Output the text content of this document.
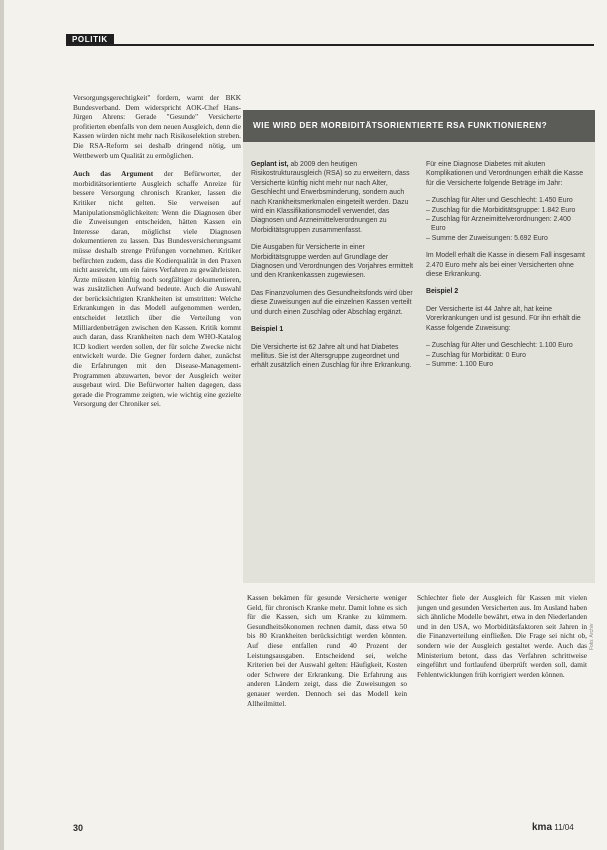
POLITIK

Versorgungsgerechtigkeit" fordern, warnt der BKK Bundesverband. Dem widerspricht AOK-Chef Hans-Jürgen Ahrens: Gerade "Gesunde" Versicherte profitierten ebenfalls von dem neuen Ausgleich, denn die Kassen würden nicht mehr nach Risikoselektion streben. Die RSA-Reform sei deshalb dringend nötig, um Wettbewerb um Qualität zu ermöglichen.

Auch das Argument der Befürworter, der morbiditätsorientierte Ausgleich schaffe Anreize für bessere Versorgung chronisch Kranker, lassen die Kritiker nicht gelten. Sie verweisen auf Manipulationsmöglichkeiten: Wenn die Diagnosen über die Zuweisungen entscheiden, hätten Kassen ein Interesse daran, möglichst viele Diagnosen dokumentieren zu lassen. Das Bundesversicherungsamt müsse deshalb strenge Prüfungen vornehmen. Kritiker befürchten zudem, dass die Kodierqualität in den Praxen nicht ausreicht, um ein faires Verfahren zu gewährleisten. Ärzte müssten künftig noch sorgfältiger dokumentieren, was zusätzlichen Aufwand bedeute. Auch die Auswahl der berücksichtigten Krankheiten ist umstritten: Welche Erkrankungen in das Modell aufgenommen werden, entscheidet letztlich über die Verteilung von Milliardenbeträgen zwischen den Kassen. Kritik kommt auch daran, dass Krankheiten nach dem WHO-Katalog ICD kodiert werden sollen, der für solche Zwecke nicht entwickelt wurde. Die Gegner fordern daher, zunächst die Erfahrungen mit den Disease-Management-Programmen abzuwarten, bevor der Ausgleich weiter ausgebaut wird. Die Befürworter halten dagegen, dass gerade die Programme zeigten, wie wichtig eine gezielte Versorgung der Chroniker sei.

WIE WIRD DER MORBIDITÄTSORIENTIERTE RSA FUNKTIONIEREN?

Geplant ist, ab 2009 den heutigen Risikostrukturausgleich (RSA) so zu erweitern, dass Versicherte künftig nicht mehr nur nach Alter, Geschlecht und Erwerbsminderung, sondern auch nach Krankheitsmerkmalen eingeteilt werden. Dazu wird ein Klassifikationsmodell verwendet, das Diagnosen und Arzneimittelverordnungen zu Morbiditätsgruppen zusammenfasst.

Die Ausgaben für Versicherte in einer Morbiditätsgruppe werden auf Grundlage der Diagnosen und Verordnungen des Vorjahres ermittelt und den Krankenkassen zugewiesen.

Das Finanzvolumen des Gesundheitsfonds wird über diese Zuweisungen auf die einzelnen Kassen verteilt und durch einen Zuschlag oder Abschlag ergänzt.

Beispiel 1

Die Versicherte ist 62 Jahre alt und hat Diabetes mellitus. Sie ist der Altersgruppe zugeordnet und erhält zusätzlich einen Zuschlag für ihre Erkrankung.

Für eine Diagnose Diabetes mit akuten Komplikationen und Verordnungen erhält die Kasse für die Versicherte folgende Beträge im Jahr:

– Zuschlag für Alter und Geschlecht: 1.450 Euro
– Zuschlag für die Morbiditätsgruppe: 1.842 Euro
– Zuschlag für Arzneimittelverordnungen: 2.400 Euro
– Summe der Zuweisungen: 5.692 Euro

Im Modell erhält die Kasse in diesem Fall insgesamt 2.470 Euro mehr als bei einer Versicherten ohne diese Erkrankung.

Beispiel 2

Der Versicherte ist 44 Jahre alt, hat keine Vorerkrankungen und ist gesund. Für ihn erhält die Kasse folgende Zuweisung:

– Zuschlag für Alter und Geschlecht: 1.100 Euro
– Zuschlag für Morbidität: 0 Euro
– Summe: 1.100 Euro

Kassen bekämen für gesunde Versicherte weniger Geld, für chronisch Kranke mehr. Damit lohne es sich für die Kassen, sich um Kranke zu kümmern. Gesundheitsökonomen rechnen damit, dass etwa 50 bis 80 Krankheiten berücksichtigt werden könnten. Auf diese entfallen rund 40 Prozent der Leistungsausgaben. Entscheidend sei, welche Kriterien bei der Auswahl gelten: Häufigkeit, Kosten oder Schwere der Erkrankung. Die Erfahrung aus anderen Ländern zeigt, dass die Zuweisungen so genauer werden. Dennoch sei das Modell kein Allheilmittel.

Schlechter fiele der Ausgleich für Kassen mit vielen jungen und gesunden Versicherten aus. Im Ausland haben sich ähnliche Modelle bewährt, etwa in den Niederlanden und in den USA, wo Morbiditätsfaktoren seit Jahren in die Finanzverteilung einfließen. Die Frage sei nicht ob, sondern wie der Ausgleich gestaltet werde. Auch das Ministerium betont, dass das Verfahren schrittweise eingeführt und fortlaufend überprüft werden soll, damit Fehlentwicklungen früh korrigiert werden können.

Foto: Archiv
30	kma 11/04
